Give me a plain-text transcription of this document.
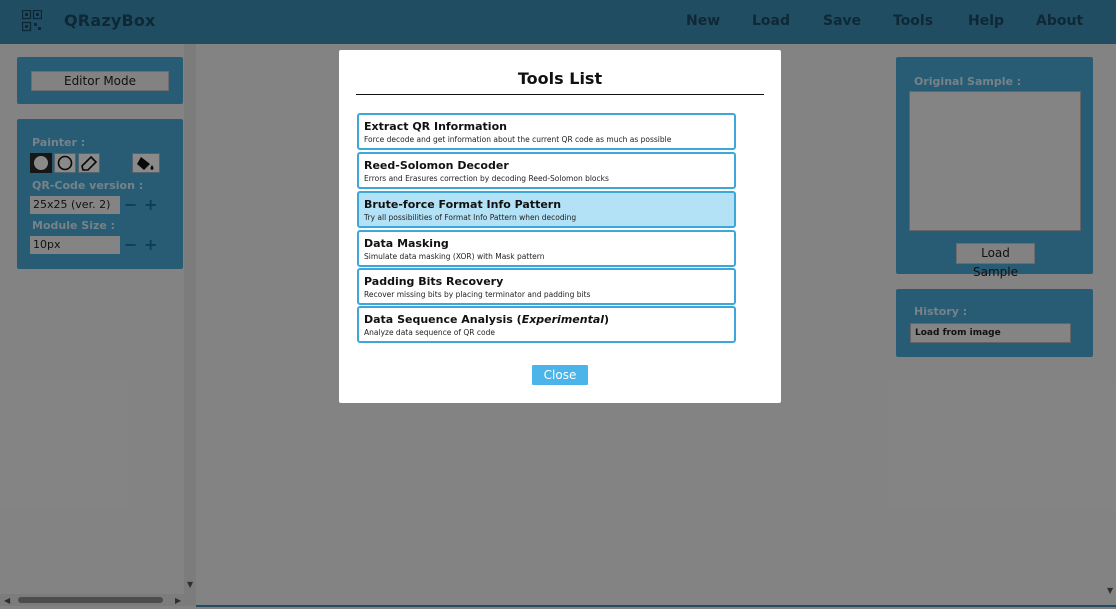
QRazyBox	New Load Save Tools Help About
Editor Mode
Painter :
QR-Code version :
25x25 (ver. 2) − +
Module Size :
10px	− +
Original Sample :
Load Sample
History :
Load from image
▼
◀	▶
▼
Tools List
Extract QR Information
Force decode and get information about the current QR code as much as possible
Reed-Solomon Decoder
Errors and Erasures correction by decoding Reed-Solomon blocks
Brute-force Format Info Pattern
Try all possibilities of Format Info Pattern when decoding
Data Masking
Simulate data masking (XOR) with Mask pattern
Padding Bits Recovery
Recover missing bits by placing terminator and padding bits
Data Sequence Analysis (Experimental)
Analyze data sequence of QR code
Close
